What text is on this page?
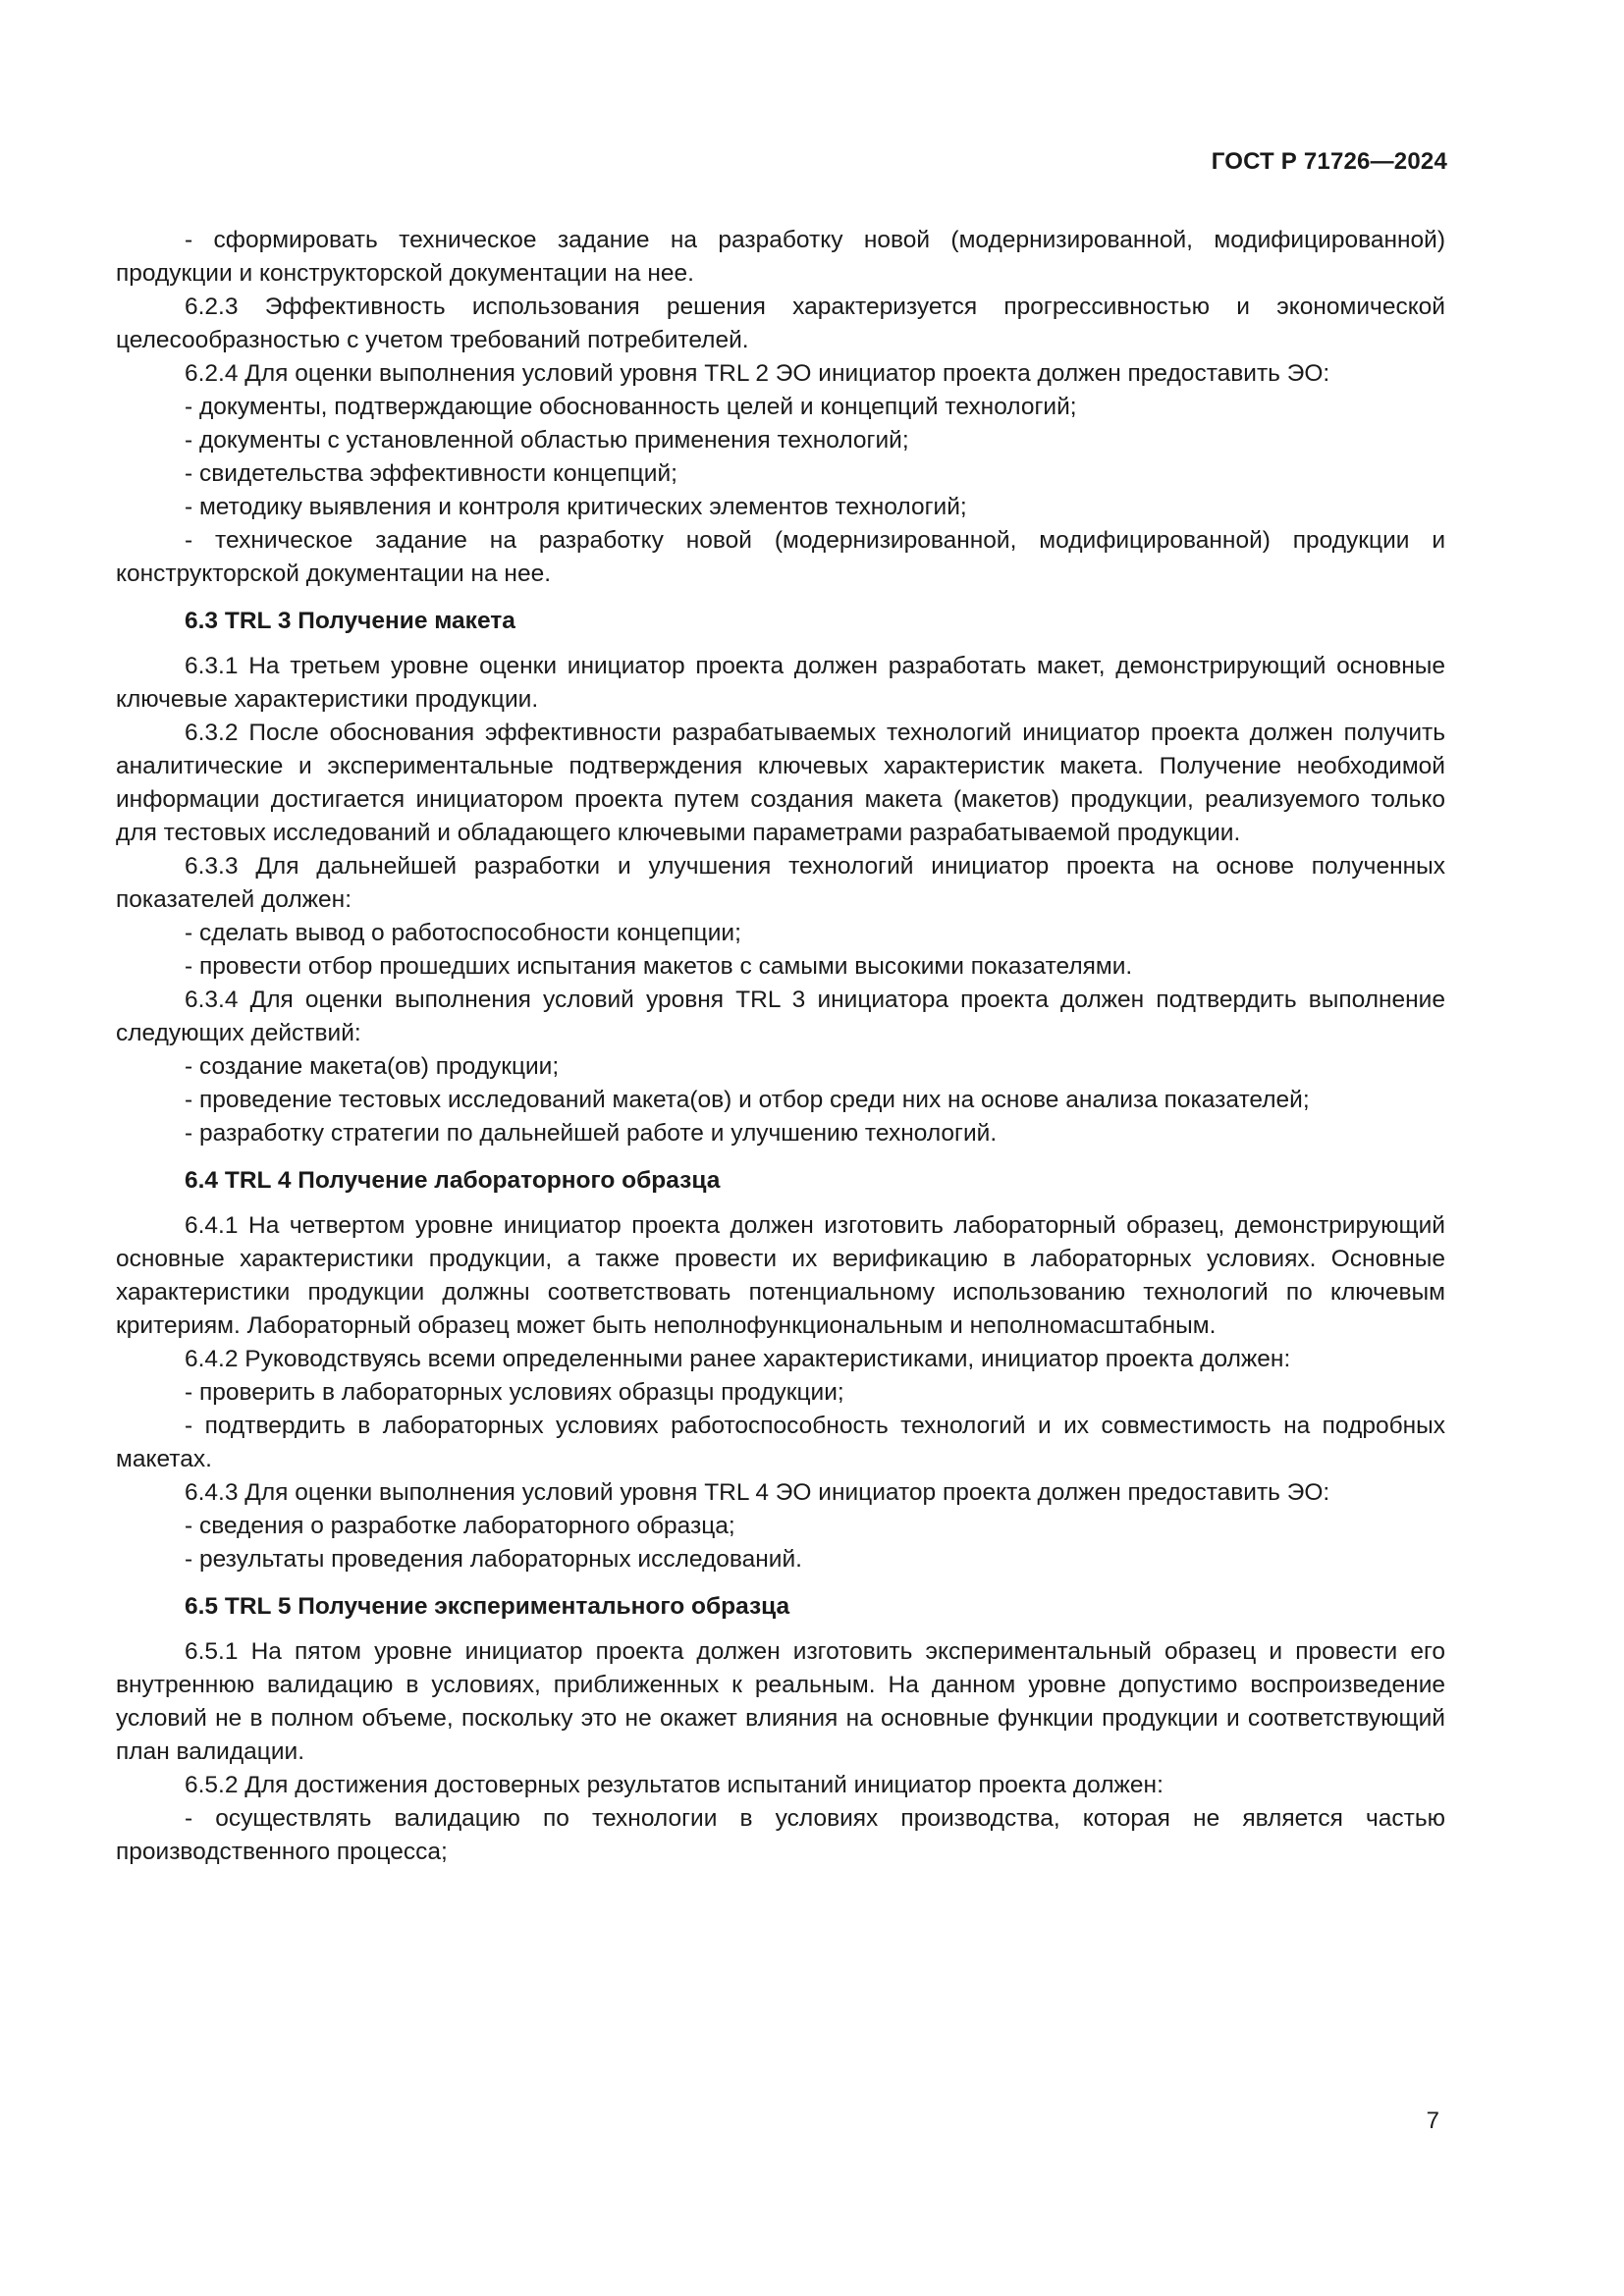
ГОСТ Р 71726—2024

- сформировать техническое задание на разработку новой (модернизированной, модифицированной) продукции и конструкторской документации на нее.

6.2.3 Эффективность использования решения характеризуется прогрессивностью и экономической целесообразностью с учетом требований потребителей.

6.2.4 Для оценки выполнения условий уровня TRL 2 ЭО инициатор проекта должен предоставить ЭО:

- документы, подтверждающие обоснованность целей и концепций технологий;

- документы с установленной областью применения технологий;

- свидетельства эффективности концепций;

- методику выявления и контроля критических элементов технологий;

- техническое задание на разработку новой (модернизированной, модифицированной) продукции и конструкторской документации на нее.

6.3 TRL 3 Получение макета

6.3.1 На третьем уровне оценки инициатор проекта должен разработать макет, демонстрирующий основные ключевые характеристики продукции.

6.3.2 После обоснования эффективности разрабатываемых технологий инициатор проекта должен получить аналитические и экспериментальные подтверждения ключевых характеристик макета. Получение необходимой информации достигается инициатором проекта путем создания макета (макетов) продукции, реализуемого только для тестовых исследований и обладающего ключевыми параметрами разрабатываемой продукции.

6.3.3 Для дальнейшей разработки и улучшения технологий инициатор проекта на основе полученных показателей должен:

- сделать вывод о работоспособности концепции;

- провести отбор прошедших испытания макетов с самыми высокими показателями.

6.3.4 Для оценки выполнения условий уровня TRL 3 инициатора проекта должен подтвердить выполнение следующих действий:

- создание макета(ов) продукции;

- проведение тестовых исследований макета(ов) и отбор среди них на основе анализа показателей;

- разработку стратегии по дальнейшей работе и улучшению технологий.

6.4 TRL 4 Получение лабораторного образца

6.4.1 На четвертом уровне инициатор проекта должен изготовить лабораторный образец, демонстрирующий основные характеристики продукции, а также провести их верификацию в лабораторных условиях. Основные характеристики продукции должны соответствовать потенциальному использованию технологий по ключевым критериям. Лабораторный образец может быть неполнофункциональным и неполномасштабным.

6.4.2 Руководствуясь всеми определенными ранее характеристиками, инициатор проекта должен:

- проверить в лабораторных условиях образцы продукции;

- подтвердить в лабораторных условиях работоспособность технологий и их совместимость на подробных макетах.

6.4.3 Для оценки выполнения условий уровня TRL 4 ЭО инициатор проекта должен предоставить ЭО:

- сведения о разработке лабораторного образца;

- результаты проведения лабораторных исследований.

6.5 TRL 5 Получение экспериментального образца

6.5.1 На пятом уровне инициатор проекта должен изготовить экспериментальный образец и провести его внутреннюю валидацию в условиях, приближенных к реальным. На данном уровне допустимо воспроизведение условий не в полном объеме, поскольку это не окажет влияния на основные функции продукции и соответствующий план валидации.

6.5.2 Для достижения достоверных результатов испытаний инициатор проекта должен:

- осуществлять валидацию по технологии в условиях производства, которая не является частью производственного процесса;

7
